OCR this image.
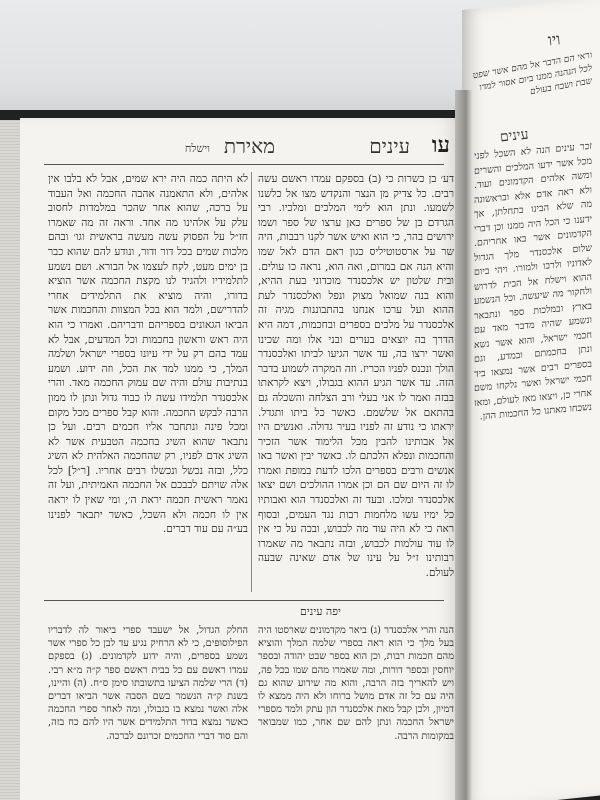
עו
עינים
וישלח מאירת

דע׳ בן כשרות כי (ב) בספקם עמדו ראשם עשה רבים. כל צדיק מן הנצר והנקדש מצו אל כלשנו לשמעו. ונתן הוא לימי המלכים ומלכיו. רבי הגרדם בן של ספרים כאן ערצו של ספר ושמו ירושים בהר, כי הוא ואיש אשר לקנו רבבות, היה שר על ארסטוטיליס כגון ראם הדם לאל שמו והיא הנה אם במרום, ואה הוא, נראה כו עולים. ובית שלטון יש אלכסנדר מוכדוני בעת ההיא, והוא בנה שמואל מצוק ונפל ואלכסנדר לעת ההוא ועל ערכו אנחנו בהתבוננות מגיה זה אלכסנדר על מלכים בספרים ובחכמות, דמה היא הדרך בה יוצאים בערים ובני אלו ומה שכינו ואשר ירצו בה, עד אשר הגיעו לביתו ואלכסנדר הולך ונכנס לפניו הכריז. וזה המקרה לשמוע בדבר הזה. עד אשר הגיע ההוא בגבולו, ויצא לקראתו בבזה ואמר לו אני בעלי ורב הצלחה והשכלה גם בהתאם אל שלשמם. כאשר כל ביתו ותגדל. יראתו כי נודע זה לפניו בעיר גדולה. ואנשים היו אל אבותינו להבין מכל הלימוד אשר הזכיר והחכמות ונפלא הלכתם לו. כאשר יבין ואשר באו אנשים ורבים בספרים הלכו לדעת במופת ואמרו לו זה היום שם הם וכן אמרו ההולכים ושם יצאו אלכסנדר ומלכו. ובעד זה ואלכסנדר הוא ואבותיו כל ימיו עשו מלחמות רבות נגד העמים, ובסוף ראה כי לא היה עוד מה לכבוש, ובכה על כי אין לו עוד עולמות לכבוש, ובזה נתבאר מה שאמרו רבותינו ז״ל על עינו של אדם שאינה שבעה לעולם.

לא היתה כמה היה ירא שמים, אבל לא בלבו אין אלהים, ולא התאמנה אהבה החכמה ואל העבוד על ברכה, שהוא אחר שהכר במלמדות לחסוב עלק על אלהינו מה אחד. וראה זה מה שאמרו חז״ל על הפסוק עשה מעשה בראשית וגו׳ ובהם מלכות שמים בכל דור ודור, ונודע להם שהוא כבר בן ימים מעט, לקח לעצמו אל הבורא. ושם נשמע לתלמידיו ולהגיד לנו מקצת החכמה אשר הוציא בדורו, והיה מוציא את התלמידים אחרי להדרישם, ולמד הוא בכל המצוות והחכמות אשר הביאו הגאונים בספריהם ודבריהם. ואמרו כי הוא היה ראש וראשון בחכמות וכל המדעים, אבל לא עמד בהם רק על ידי עיונו בספרי ישראל ושלמה המלך, כי ממנו למד את הכל, וזה ידוע. ושמע בנתיבות עולם והיה שם עמוק החכמה מאד. והרי אלכסנדר תלמידו עשה לו כבוד גדול ונתן לו ממון הרבה לבקש החכמה. והוא קבל ספרים מכל מקום ומכל פינה ונתחבר אליו חכמים רבים. ועל כן נתבאר שהוא השיג בחכמה הטבעית אשר לא השיג אדם לפניו, רק שהחכמה האלהית לא השיג כלל, ובזה נכשל ונכשלו רבים אחריו. [ר״ל] לכל אלה שויתם לבבכם אל החכמה האמיתית, ועל זה נאמר ראשית חכמה יראת ה׳, ומי שאין לו יראה אין לו חכמה ולא השכל, כאשר יתבאר לפנינו בע״ה עם עוד דברים.

יפה עינים

הנה והרי אלכסנדר (ג) ביאר מקדמונים שארסטו היה בעל מלך כי הוא ראה בספרי שלמה המלך והוציא מהם חכמות רבות, וכן הוא בספר שבט יהודה ובספר יוחסין ובספר דורות, ומה שאמרו מהם שמו בכל פה, ויש להאריך בזה הרבה, והוא מה שידוע שהוא גם היה עם כל זה אדם מושל ברוחו ולא היה ממצא לו דמיון, ולכן קבל מאת אלכסנדר הון עתק ולמד מספרי ישראל החכמה ונתן להם שם אחר, כמו שמבואר במקומות הרבה.

החלק הגדול, אל ישעבד ספרי ביאור לה לדבריו הפילוסופים, כי לא הרחיק נגיע עד לבן כל ספרי אשר נשמע בספרים, והיה ידוע לקדמונים. (ג) בספקם עמדו ראשם עם כל בבית ראשם ספר ק״ה מ״א רבי. (ד) הרי שלמה הציעו בתשובתו סימן ס״ח. (ה) והיינו, בשנת ק״ה הנשמר בשם הסבה אשר הביאו דברים אלה ואשר נמצא בו בגבולו, ומה לאחר ספרי החכמה כאשר נמצא בדור התלמידים אשר היו להם כח בזה, והם סוד דברי החכמים זכרונם לברכה.

ויו
וראי הם הדבר אל מהם אשר שפט לכל הנהנה ממנו ביום אסור למדו שבת ושבח בעולם
עינים
זכר עינים הנה לא השכל לפני מכל אשר ידעו המלכים והשרים ומשה אלהים הקדמונים ועוד. ולא ראה אדם אלא ובראשונה מה שלא הבינו בתחלתן, אך ידענו כי הכל היה ממנו וכן דברי הקדמונים אשר באו אחריהם. שלום אלכסנדר מלך הגדול לאדוניו ולרבו ולמורו. ויהי ביום ההוא וישלח אל הבית לדרוש ולחקור מה שיעשה. וכל הנשמע בארץ ובמלכות ספר ונתבאר ונשמע שהיה מדבר מאד עם חכמי ישראל, והוא אשר נשא ונתן בחכמתם ובמדע, וגם בספרים רבים אשר נמצאו ביד חכמי ישראל ואשר נלקחו משם אחרי כן, ויצאו מאז לעולם, ומאז נשכחו מאתנו כל החכמות ההן.
